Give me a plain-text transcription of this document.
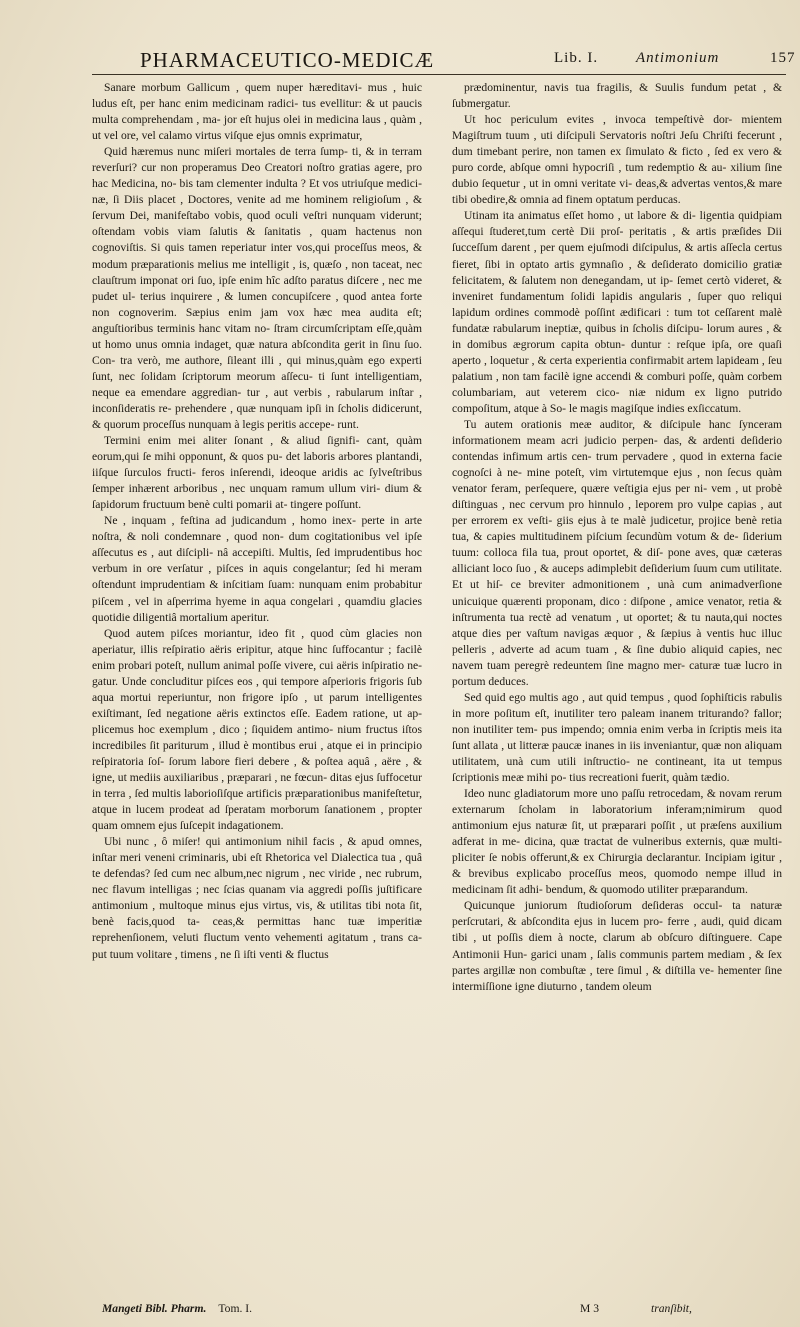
PHARMACEUTICO-MEDICÆ	Lib. I.	Antimonium	157

Sanare morbum Gallicum , quem nuper hæreditavi- mus , huic ludus eſt, per hanc enim medicinam radici- tus evellitur: & ut paucis multa comprehendam , ma- jor eſt hujus olei in medicina laus , quàm , ut vel ore, vel calamo virtus viſque ejus omnis exprimatur,

Quid hæremus nunc miſeri mortales de terra ſump- ti, & in terram reverſuri? cur non properamus Deo Creatori noſtro gratias agere, pro hac Medicina, no- bis tam clementer indulta ? Et vos utriuſque medici- næ, ſi Diis placet , Doctores, venite ad me hominem religioſum , & ſervum Dei, manifeſtabo vobis, quod oculi veſtri nunquam viderunt; oſtendam vobis viam ſalutis & ſanitatis , quam hactenus non cognoviſtis. Si quis tamen reperiatur inter vos,qui proceſſus meos, & modum præparationis melius me intelligit , is, quæſo , non taceat, nec clauſtrum imponat ori ſuo, ipſe enim hîc adſto paratus diſcere , nec me pudet ul- terius inquirere , & lumen concupiſcere , quod antea forte non cognoverim. Sæpius enim jam vox hæc mea audita eſt; anguſtioribus terminis hanc vitam no- ſtram circumſcriptam eſſe,quàm ut homo unus omnia indaget, quæ natura abſcondita gerit in ſinu ſuo. Con- tra verò, me authore, ſileant illi , qui minus,quàm ego experti ſunt, nec ſolidam ſcriptorum meorum aſſecu- ti ſunt intelligentiam, neque ea emendare aggredian- tur , aut verbis , rabularum inſtar , inconſideratis re- prehendere , quæ nunquam ipſi in ſcholis didicerunt, & quorum proceſſus nunquam à legis peritis accepe- runt.

Termini enim mei aliter ſonant , & aliud ſignifi- cant, quàm eorum,qui ſe mihi opponunt, & quos pu- det laboris arbores plantandi, iiſque ſurculos fructi- feros inſerendi, ideoque aridis ac ſylveſtribus ſemper inhærent arboribus , nec unquam ramum ullum viri- dium & ſapidorum fructuum benè culti pomarii at- tingere poſſunt.

Ne , inquam , feſtina ad judicandum , homo inex- perte in arte noſtra, & noli condemnare , quod non- dum cogitationibus vel ipſe aſſecutus es , aut diſcipli- nâ accepiſti. Multis, ſed imprudentibus hoc verbum in ore verſatur , piſces in aquis congelantur; ſed hi meram oſtendunt imprudentiam & inſcitiam ſuam: nunquam enim probabitur piſcem , vel in aſperrima hyeme in aqua congelari , quamdiu glacies quotidie diligentiâ mortalium aperitur.

Quod autem piſces moriantur, ideo fit , quod cùm glacies non aperiatur, illis reſpiratio aëris eripitur, atque hinc ſuffocantur ; facilè enim probari poteſt, nullum animal poſſe vivere, cui aëris inſpiratio ne- gatur. Unde concluditur piſces eos , qui tempore aſperioris frigoris ſub aqua mortui reperiuntur, non frigore ipſo , ut parum intelligentes exiſtimant, ſed negatione aëris extinctos eſſe. Eadem ratione, ut ap- plicemus hoc exemplum , dico ; ſiquidem antimo- nium fructus iſtos incredibiles ſit pariturum , illud è montibus erui , atque ei in principio reſpiratoria ſoſ- ſorum labore fieri debere , & poſtea aquâ , aëre , & igne, ut mediis auxiliaribus , præparari , ne fœcun- ditas ejus ſuffocetur in terra , ſed multis laborioſiſque artificis præparationibus manifeſtetur, atque in lucem prodeat ad ſperatam morborum ſanationem , propter quam omnem ejus ſuſcepit indagationem.

Ubi nunc , ô miſer! qui antimonium nihil facis , & apud omnes, inſtar meri veneni criminaris, ubi eſt Rhetorica vel Dialectica tua , quâ te defendas? ſed cum nec album,nec nigrum , nec viride , nec rubrum, nec flavum intelligas ; nec ſcias quanam via aggredi poſſis juſtificare antimonium , multoque minus ejus virtus, vis, & utilitas tibi nota ſit, benè facis,quod ta- ceas,& permittas hanc tuæ imperitiæ reprehenſionem, veluti fluctum vento vehementi agitatum , trans ca- put tuum volitare , timens , ne ſi iſti venti & fluctus

prædominentur, navis tua fragilis, & Suulis fundum petat , & ſubmergatur.

Ut hoc periculum evites , invoca tempeſtivè dor- mientem Magiſtrum tuum , uti diſcipuli Servatoris noſtri Jeſu Chriſti fecerunt , dum timebant perire, non tamen ex ſimulato & ficto , ſed ex vero & puro corde, abſque omni hypocriſi , tum redemptio & au- xilium ſine dubio ſequetur , ut in omni veritate vi- deas,& advertas ventos,& mare tibi obedire,& omnia ad finem optatum perducas.

Utinam ita animatus eſſet homo , ut labore & di- ligentia quidpiam aſſequi ſtuderet,tum certè Dii proſ- peritatis , & artis præſides Dii ſucceſſum darent , per quem ejuſmodi diſcipulus, & artis aſſecla certus fieret, ſibi in optato artis gymnaſio , & deſiderato domicilio gratiæ felicitatem, & ſalutem non denegandam, ut ip- ſemet certò videret, & inveniret fundamentum ſolidi lapidis angularis , ſuper quo reliqui lapidum ordines commodè poſſint ædificari : tum tot ceſſarent malè fundatæ rabularum ineptiæ, quibus in ſcholis diſcipu- lorum aures , & in domibus ægrorum capita obtun- duntur : reſque ipſa, ore quaſi aperto , loquetur , & certa experientia confirmabit artem lapideam , ſeu palatium , non tam facilè igne accendi & comburi poſſe, quàm corbem columbariam, aut veterem cico- niæ nidum ex ligno putrido compoſitum, atque à So- le magis magiſque indies exſiccatum.

Tu autem orationis meæ auditor, & diſcipule hanc ſynceram informationem meam acri judicio perpen- das, & ardenti deſiderio contendas infimum artis cen- trum pervadere , quod in externa facie cognoſci à ne- mine poteſt, vim virtutemque ejus , non ſecus quàm venator feram, perſequere, quære veſtigia ejus per ni- vem , ut probè diſtinguas , nec cervum pro hinnulo , leporem pro vulpe capias , aut per errorem ex veſti- giis ejus à te malè judicetur, projice benè retia tua, & capies multitudinem piſcium ſecundùm votum & de- ſiderium tuum: colloca fila tua, prout oportet, & diſ- pone aves, quæ cæteras alliciant loco ſuo , & auceps adimplebit deſiderium ſuum cum utilitate. Et ut hiſ- ce breviter admonitionem , unà cum animadverſione unicuique quærenti proponam, dico : diſpone , amice venator, retia & inſtrumenta tua rectè ad venatum , ut oportet; & tu nauta,qui noctes atque dies per vaſtum navigas æquor , & ſæpius à ventis huc illuc pelleris , adverte ad acum tuam , & ſine dubio aliquid capies, nec navem tuam peregrè redeuntem ſine magno mer- caturæ tuæ lucro in portum deduces.

Sed quid ego multis ago , aut quid tempus , quod ſophiſticis rabulis in more poſitum eſt, inutiliter tero paleam inanem triturando? fallor; non inutiliter tem- pus impendo; omnia enim verba in ſcriptis meis ita ſunt allata , ut litteræ paucæ inanes in iis inveniantur, quæ non aliquam utilitatem, unà cum utili inſtructio- ne contineant, ita ut tempus ſcriptionis meæ mihi po- tius recreationi fuerit, quàm tædio.

Ideo nunc gladiatorum more uno paſſu retrocedam, & novam rerum externarum ſcholam in laboratorium inferam;nimirum quod antimonium ejus naturæ ſit, ut præparari poſſit , ut præſens auxilium adferat in me- dicina, quæ tractat de vulneribus externis, quæ multi- pliciter ſe nobis offerunt,& ex Chirurgia declarantur. Incipiam igitur , & brevibus explicabo proceſſus meos, quomodo nempe illud in medicinam ſit adhi- bendum, & quomodo utiliter præparandum.

Quicunque juniorum ſtudioſorum deſideras occul- ta naturæ perſcrutari, & abſcondita ejus in lucem pro- ferre , audi, quid dicam tibi , ut poſſis diem à nocte, clarum ab obſcuro diſtinguere. Cape Antimonii Hun- garici unam , ſalis communis partem mediam , & ſex partes argillæ non combuſtæ , tere ſimul , & diſtilla ve- hementer ſine intermiſſione igne diuturno , tandem oleum

Mangeti Bibl. Pharm. Tom. I.	M 3	tranſibit,
